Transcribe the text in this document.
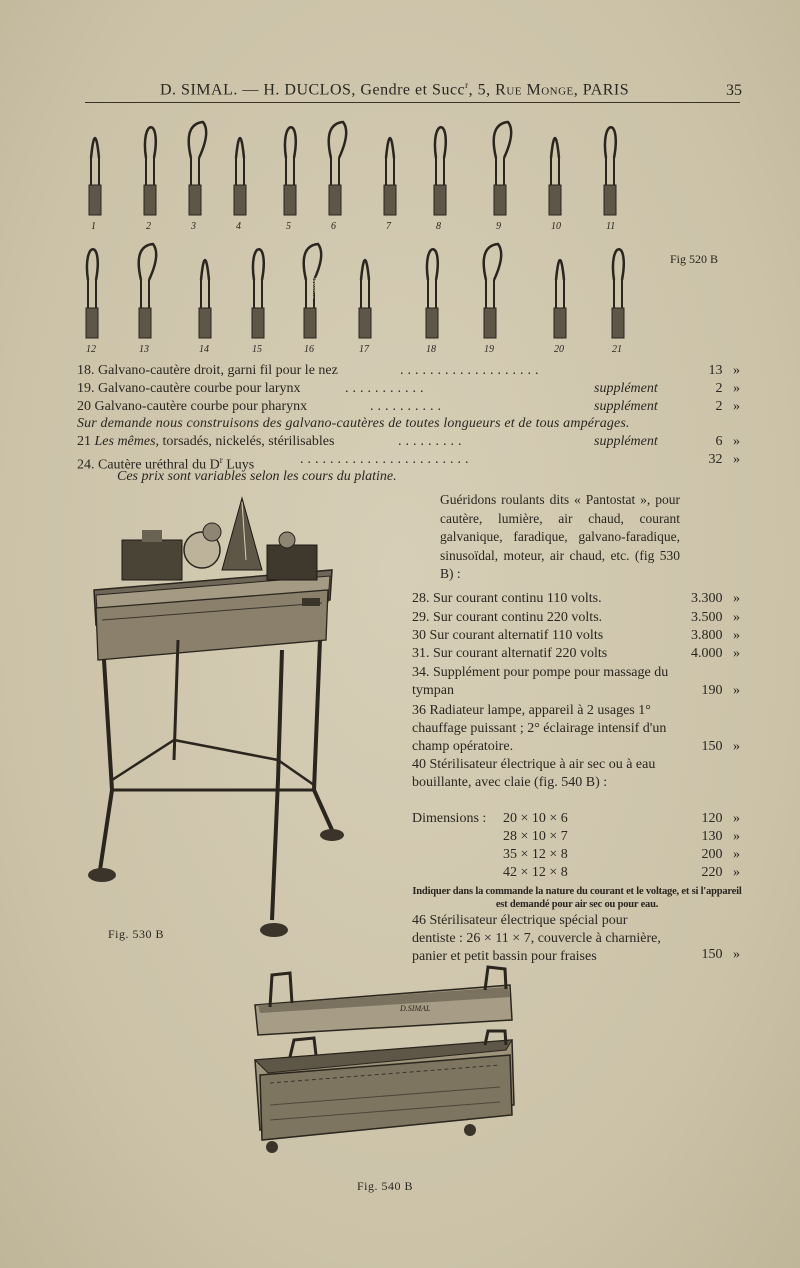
D. SIMAL. — H. DUCLOS, Gendre et Succ$^r$, 5, Rue Monge, PARIS	35
1	2	3	4	5	6	7	8	9	10	11
12	13	14	15	16	17	18	19	20	21
G.SIMAL
Fig 520 B
18. Galvano-cautère droit, garni fil pour le nez	...................	13 »
19. Galvano-cautère courbe pour larynx	...........	supplément	2 »
20 Galvano-cautère courbe pour pharynx	..........	supplément	2 »
Sur demande nous construisons des galvano-cautères de toutes longueurs et de tous ampérages.
21 Les mêmes, torsadés, nickelés, stérilisables	.........	supplément	6 »
24. Cautère uréthral du $D^r$ Luys	.......................	32 »
Ces prix sont variables selon les cours du platine.
Fig. 530 B
Guéridons roulants dits « Pantostat », pour cautère, lumière, air chaud, courant galvanique, faradique, galvano-faradique, sinusoïdal, moteur, air chaud, etc. (fig 530 B) :
28. Sur courant continu 110 volts.	3.300 »
29. Sur courant continu 220 volts.	3.500 »
30 Sur courant alternatif 110 volts	3.800 »
31. Sur courant alternatif 220 volts	4.000 »
34. Supplément pour pompe pour massage du tympan	190 »
36 Radiateur lampe, appareil à 2 usages 1° chauffage puissant ; 2° éclairage intensif d'un champ opératoire.	150 »
40 Stérilisateur électrique à air sec ou à eau bouillante, avec claie (fig. 540 B) :
Dimensions : 20 × 10 × 6	120 »
28 × 10 × 7	130 »
35 × 12 × 8	200 »
42 × 12 × 8	220 »
Indiquer dans la commande la nature du courant et le voltage, et si l'appareil est demandé pour air sec ou pour eau.
46 Stérilisateur électrique spécial pour dentiste : 26 × 11 × 7, couvercle à charnière, panier et petit bassin pour fraises	150 »
D.SIMAL
Fig. 540 B
